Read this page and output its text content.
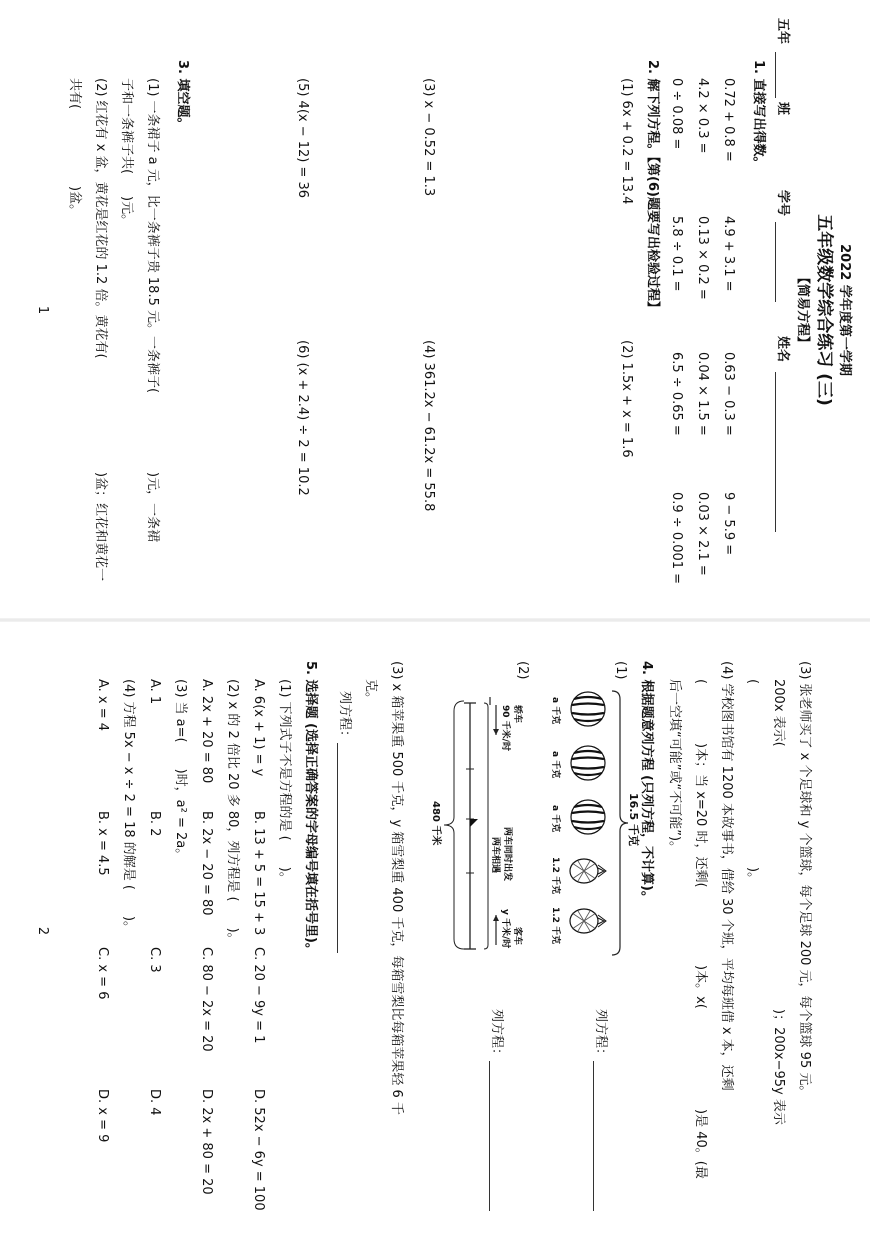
2022 学年度第一学期
五年级数学综合练习 (三)
【简易方程】
五年
班
学号
姓名
1. 直接写出得数。
0.72 + 0.8 =
4.9 + 3.1 =
0.63 − 0.3 =
9 − 5.9 =
4.2 × 0.3 =
0.13 × 0.2 =
0.04 × 1.5 =
0.03 × 2.1 =
0 ÷ 0.08 =
5.8 ÷ 0.1 =
6.5 ÷ 0.65 =
0.9 ÷ 0.001 =
2. 解下列方程。【第(6)题要写出检验过程】
(1) 6x + 0.2 = 13.4
(2) 1.5x + x = 1.6
(3) x − 0.52 = 1.3
(4) 361.2x − 61.2x = 55.8
(5) 4(x − 12) = 36
(6) (x + 2.4) ÷ 2 = 10.2
3. 填空题。
(1) 一条裙子 a 元，比一条裤子贵 18.5 元。一条裤子(
)元，一条裙
子和一条裤子共(
)元。
(2) 红花有 x 盆，黄花是红花的 1.2 倍。黄花有(
)盆；红花和黄花一
共有(
)盆。
1
(3) 张老师买了 x 个足球和 y 个篮球，每个足球 200 元，每个篮球 95 元。
200x 表示(
)；200x−95y 表示
(
)。
(4) 学校图书馆有 1200 本故事书，借给 30 个班，平均每班借 x 本，还剩
(
)本；当 x=20 时，还剩(
)本。x(
)是 40。(最
后一空填“可能”或“不可能”)。
4. 根据题意列方程 (只列方程，不计算)。
(1)
16.5 千克
a 千克
a 千克
a 千克
1.2 千克
1.2 千克
列方程：
(2)
轿车
90 千米/时
客车
y 千米/时
两车同时出发
两车相遇
480 千米
列方程：
(3) x 箱苹果重 500 千克，y 箱雪梨重 400 千克，每箱雪梨比每箱苹果轻 6 千
克。
列方程：
5. 选择题 (选择正确答案的字母编号填在括号里)。
(1) 下列式子不是方程的是 (　　)。
A. 6(x + 1) = y
B. 13 + 5 = 15 + 3
C. 20 − 9y = 1
D. 52x − 6y = 100
(2) x 的 2 倍比 20 多 80，列方程是 (　　)。
A. 2x + 20 = 80
B. 2x − 20 = 80
C. 80 − 2x = 20
D. 2x + 80 = 20
(3) 当 a=(　　)时，a² = 2a。
A. 1
B. 2
C. 3
D. 4
(4) 方程 5x − x ÷ 2 = 18 的解是 (　　)。
A. x = 4
B. x = 4.5
C. x = 6
D. x = 9
2
